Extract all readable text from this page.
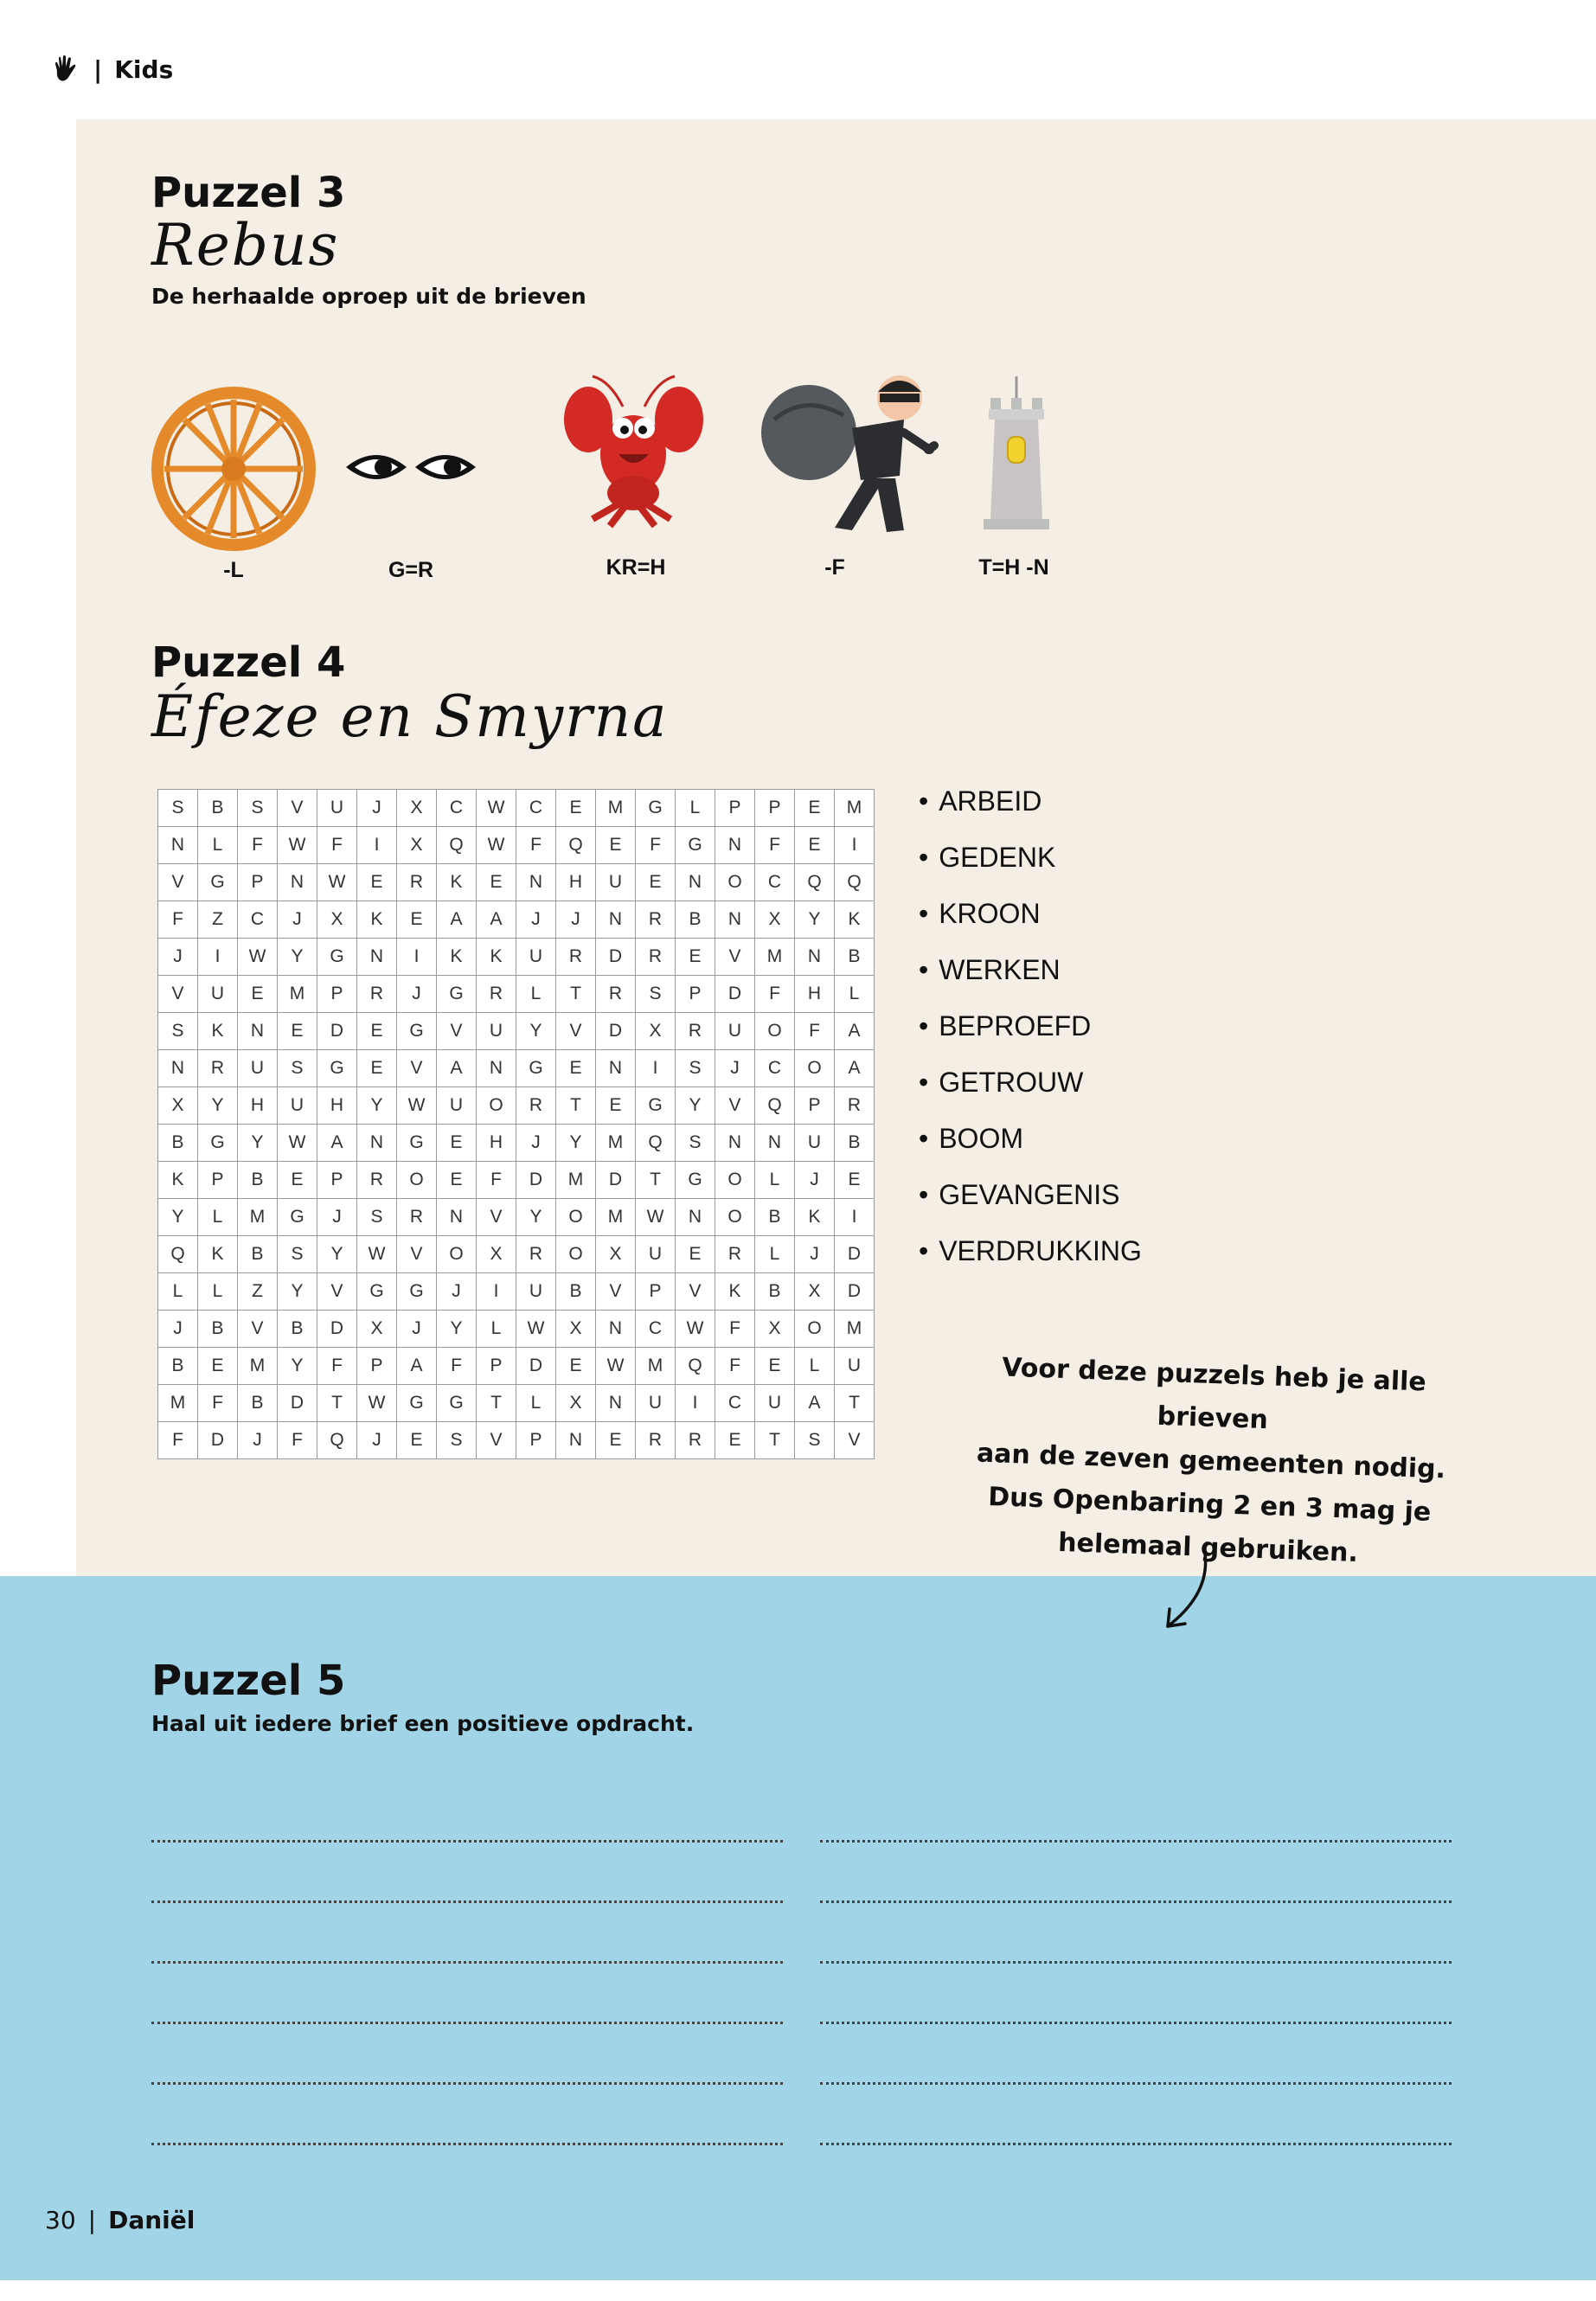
| Kids
Puzzel 3
Rebus
De herhaalde oproep uit de brieven
-L	G=R	KR=H	-F	T=H -N
Puzzel 4
Éfeze en Smyrna
S	B	S	V	U	J	X	C	W	C	E	M	G	L	P	P	E	M
N	L	F	W	F	I	X	Q	W	F	Q	E	F	G	N	F	E	I
V	G	P	N	W	E	R	K	E	N	H	U	E	N	O	C	Q	Q
F	Z	C	J	X	K	E	A	A	J	J	N	R	B	N	X	Y	K
J	I	W	Y	G	N	I	K	K	U	R	D	R	E	V	M	N	B
V	U	E	M	P	R	J	G	R	L	T	R	S	P	D	F	H	L
S	K	N	E	D	E	G	V	U	Y	V	D	X	R	U	O	F	A
N	R	U	S	G	E	V	A	N	G	E	N	I	S	J	C	O	A
X	Y	H	U	H	Y	W	U	O	R	T	E	G	Y	V	Q	P	R
B	G	Y	W	A	N	G	E	H	J	Y	M	Q	S	N	N	U	B
K	P	B	E	P	R	O	E	F	D	M	D	T	G	O	L	J	E
Y	L	M	G	J	S	R	N	V	Y	O	M	W	N	O	B	K	I
Q	K	B	S	Y	W	V	O	X	R	O	X	U	E	R	L	J	D
L	L	Z	Y	V	G	G	J	I	U	B	V	P	V	K	B	X	D
J	B	V	B	D	X	J	Y	L	W	X	N	C	W	F	X	O	M
B	E	M	Y	F	P	A	F	P	D	E	W	M	Q	F	E	L	U
M	F	B	D	T	W	G	G	T	L	X	N	U	I	C	U	A	T
F	D	J	F	Q	J	E	S	V	P	N	E	R	R	E	T	S	V
• ARBEID
• GEDENK
• KROON
• WERKEN
• BEPROEFD
• GETROUW
• BOOM
• GEVANGENIS
• VERDRUKKING
Voor deze puzzels heb je alle brieven
aan de zeven gemeenten nodig.
Dus Openbaring 2 en 3 mag je
helemaal gebruiken.
Puzzel 5
Haal uit iedere brief een positieve opdracht.
30 | Daniël
